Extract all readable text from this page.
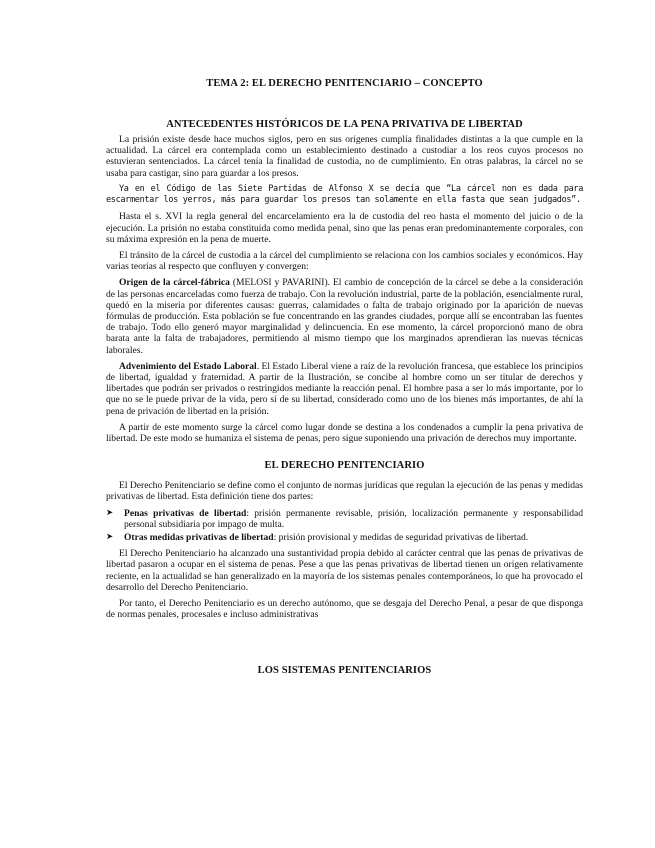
TEMA 2: EL DERECHO PENITENCIARIO – CONCEPTO
ANTECEDENTES HISTÓRICOS DE LA PENA PRIVATIVA DE LIBERTAD

La prisión existe desde hace muchos siglos, pero en sus orígenes cumplía finalidades distintas a la que cumple en la actualidad. La cárcel era contemplada como un establecimiento destinado a custodiar a los reos cuyos procesos no estuvieran sentenciados. La cárcel tenía la finalidad de custodia, no de cumplimiento. En otras palabras, la cárcel no se usaba para castigar, sino para guardar a los presos.

Ya en el Código de las Siete Partidas de Alfonso X se decía que “La cárcel non es dada para escarmentar los yerros, más para guardar los presos tan solamente en ella fasta que sean judgados”.

Hasta el s. XVI la regla general del encarcelamiento era la de custodia del reo hasta el momento del juicio o de la ejecución. La prisión no estaba constituida como medida penal, sino que las penas eran predominantemente corporales, con su máxima expresión en la pena de muerte.

El tránsito de la cárcel de custodia a la cárcel del cumplimiento se relaciona con los cambios sociales y económicos. Hay varias teorías al respecto que confluyen y convergen:

Origen de la cárcel-fábrica (MELOSI y PAVARINI). El cambio de concepción de la cárcel se debe a la consideración de las personas encarceladas como fuerza de trabajo. Con la revolución industrial, parte de la población, esencialmente rural, quedó en la miseria por diferentes causas: guerras, calamidades o falta de trabajo originado por la aparición de nuevas fórmulas de producción. Esta población se fue concentrando en las grandes ciudades, porque allí se encontraban las fuentes de trabajo. Todo ello generó mayor marginalidad y delincuencia. En ese momento, la cárcel proporcionó mano de obra barata ante la falta de trabajadores, permitiendo al mismo tiempo que los marginados aprendieran las nuevas técnicas laborales.

Advenimiento del Estado Laboral. El Estado Liberal viene a raíz de la revolución francesa, que establece los principios de libertad, igualdad y fraternidad. A partir de la Ilustración, se concibe al hombre como un ser titular de derechos y libertades que podrán ser privados o restringidos mediante la reacción penal. El hombre pasa a ser lo más importante, por lo que no se le puede privar de la vida, pero sí de su libertad, considerado como uno de los bienes más importantes, de ahí la pena de privación de libertad en la prisión.

A partir de este momento surge la cárcel como lugar donde se destina a los condenados a cumplir la pena privativa de libertad. De este modo se humaniza el sistema de penas, pero sigue suponiendo una privación de derechos muy importante.

EL DERECHO PENITENCIARIO

El Derecho Penitenciario se define como el conjunto de normas jurídicas que regulan la ejecución de las penas y medidas privativas de libertad. Esta definición tiene dos partes:

➤ Penas privativas de libertad: prisión permanente revisable, prisión, localización permanente y responsabilidad personal subsidiaria por impago de multa.
➤ Otras medidas privativas de libertad: prisión provisional y medidas de seguridad privativas de libertad.

El Derecho Penitenciario ha alcanzado una sustantividad propia debido al carácter central que las penas de privativas de libertad pasaron a ocupar en el sistema de penas. Pese a que las penas privativas de libertad tienen un origen relativamente reciente, en la actualidad se han generalizado en la mayoría de los sistemas penales contemporáneos, lo que ha provocado el desarrollo del Derecho Penitenciario.

Por tanto, el Derecho Penitenciario es un derecho autónomo, que se desgaja del Derecho Penal, a pesar de que disponga de normas penales, procesales e incluso administrativas

LOS SISTEMAS PENITENCIARIOS
